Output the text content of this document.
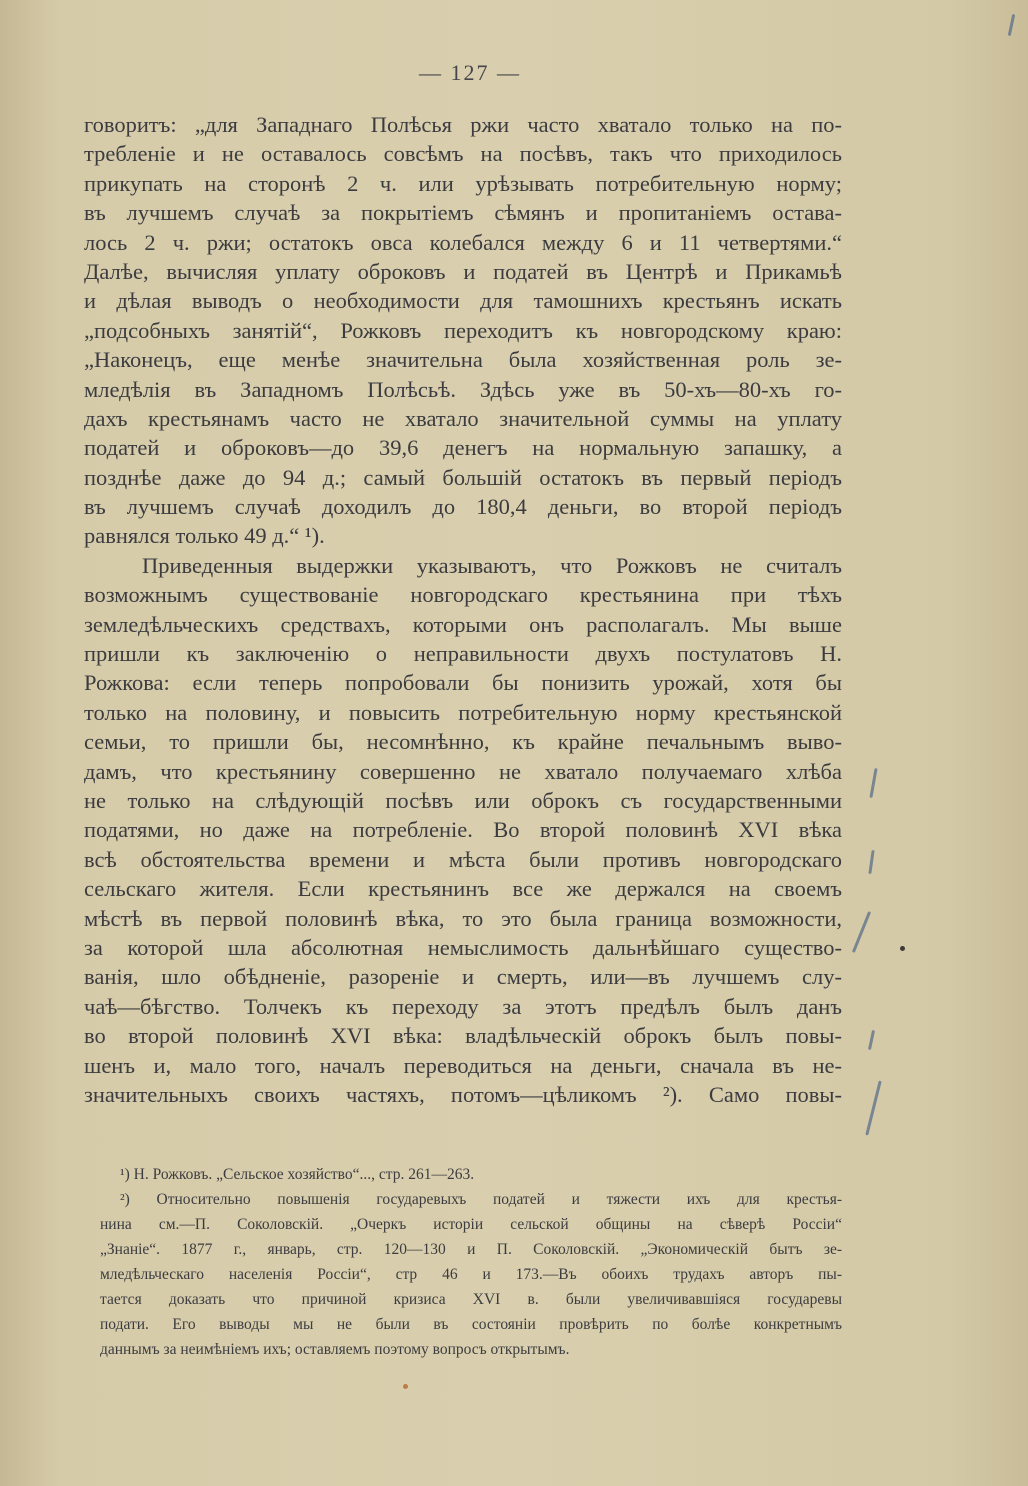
— 127 —
говоритъ: „для Западнаго Полѣсья ржи часто хватало только на по-
требленіе и не оставалось совсѣмъ на посѣвъ, такъ что приходилось
прикупать на сторонѣ 2 ч. или урѣзывать потребительную норму;
въ лучшемъ случаѣ за покрытіемъ сѣмянъ и пропитаніемъ остава-
лось 2 ч. ржи; остатокъ овса колебался между 6 и 11 четвертями.“
Далѣе, вычисляя уплату оброковъ и податей въ Центрѣ и Прикамьѣ
и дѣлая выводъ о необходимости для тамошнихъ крестьянъ искать
„подсобныхъ занятій“, Рожковъ переходитъ къ новгородскому краю:
„Наконецъ, еще менѣе значительна была хозяйственная роль зе-
мледѣлія въ Западномъ Полѣсьѣ. Здѣсь уже въ 50-хъ—80-хъ го-
дахъ крестьянамъ часто не хватало значительной суммы на уплату
податей и оброковъ—до 39,6 денегъ на нормальную запашку, а
позднѣе даже до 94 д.; самый большій остатокъ въ первый періодъ
въ лучшемъ случаѣ доходилъ до 180,4 деньги, во второй періодъ
равнялся только 49 д.“ ¹).
Приведенныя выдержки указываютъ, что Рожковъ не считалъ
возможнымъ существованіе новгородскаго крестьянина при тѣхъ
земледѣльческихъ средствахъ, которыми онъ располагалъ. Мы выше
пришли къ заключенію о неправильности двухъ постулатовъ Н.
Рожкова: если теперь попробовали бы понизить урожай, хотя бы
только на половину, и повысить потребительную норму крестьянской
семьи, то пришли бы, несомнѣнно, къ крайне печальнымъ выво-
дамъ, что крестьянину совершенно не хватало получаемаго хлѣба
не только на слѣдующій посѣвъ или оброкъ съ государственными
податями, но даже на потребленіе. Во второй половинѣ XVI вѣка
всѣ обстоятельства времени и мѣста были противъ новгородскаго
сельскаго жителя. Если крестьянинъ все же держался на своемъ
мѣстѣ въ первой половинѣ вѣка, то это была граница возможности,
за которой шла абсолютная немыслимость дальнѣйшаго существо-
ванія, шло обѣдненіе, разореніе и смерть, или—въ лучшемъ слу-
чаѣ—бѣгство. Толчекъ къ переходу за этотъ предѣлъ былъ данъ
во второй половинѣ XVI вѣка: владѣльческій оброкъ былъ повы-
шенъ и, мало того, началъ переводиться на деньги, сначала въ не-
значительныхъ своихъ частяхъ, потомъ—цѣликомъ ²). Само повы-
¹) Н. Рожковъ. „Сельское хозяйство“..., стр. 261—263.
²) Относительно повышенія государевыхъ податей и тяжести ихъ для крестья-
нина см.—П. Соколовскій. „Очеркъ исторіи сельской общины на сѣверѣ Россіи“
„Знаніе“. 1877 г., январь, стр. 120—130 и П. Соколовскій. „Экономическій бытъ зе-
мледѣльческаго населенія Россіи“, стр 46 и 173.—Въ обоихъ трудахъ авторъ пы-
тается доказать что причиной кризиса XVI в. были увеличивавшіяся государевы
подати. Его выводы мы не были въ состояніи провѣрить по болѣе конкретнымъ
даннымъ за неимѣніемъ ихъ; оставляемъ поэтому вопросъ открытымъ.
